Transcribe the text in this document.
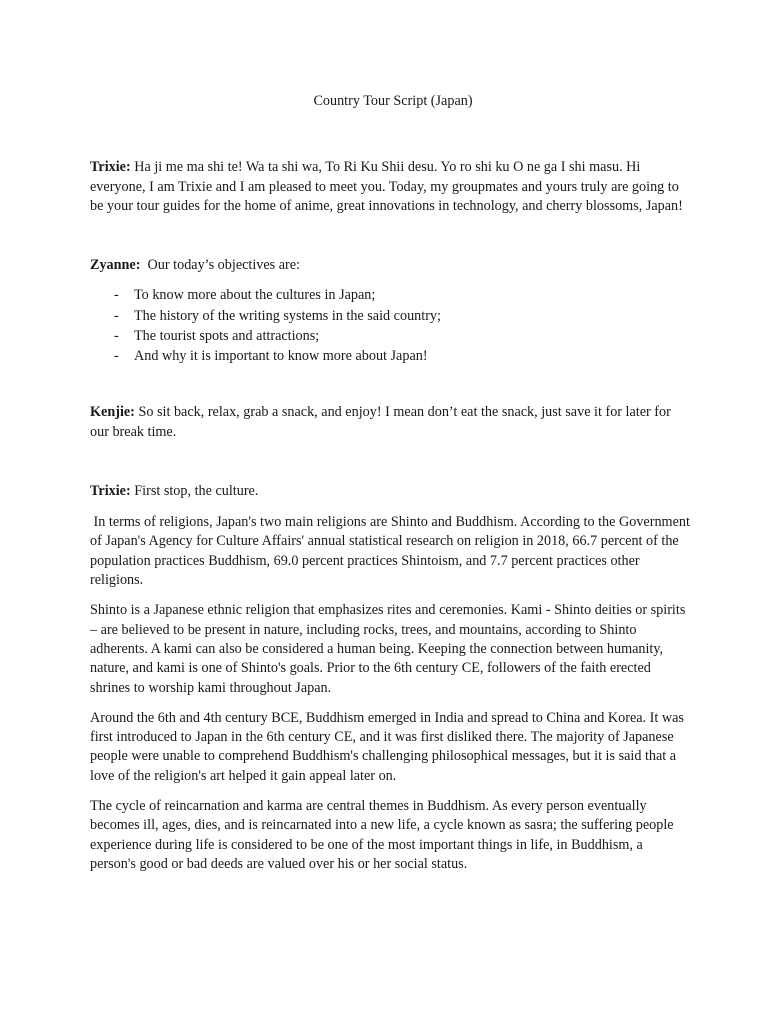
Country Tour Script (Japan)

Trixie: Ha ji me ma shi te! Wa ta shi wa, To Ri Ku Shii desu. Yo ro shi ku O ne ga I shi masu. Hi everyone, I am Trixie and I am pleased to meet you. Today, my groupmates and yours truly are going to be your tour guides for the home of anime, great innovations in technology, and cherry blossoms, Japan!

Zyanne:  Our today’s objectives are:

- To know more about the cultures in Japan;
- The history of the writing systems in the said country;
- The tourist spots and attractions;
- And why it is important to know more about Japan!

Kenjie: So sit back, relax, grab a snack, and enjoy! I mean don’t eat the snack, just save it for later for our break time.

Trixie: First stop, the culture.

In terms of religions, Japan's two main religions are Shinto and Buddhism. According to the Government of Japan's Agency for Culture Affairs' annual statistical research on religion in 2018, 66.7 percent of the population practices Buddhism, 69.0 percent practices Shintoism, and 7.7 percent practices other religions.

Shinto is a Japanese ethnic religion that emphasizes rites and ceremonies. Kami - Shinto deities or spirits – are believed to be present in nature, including rocks, trees, and mountains, according to Shinto adherents. A kami can also be considered a human being. Keeping the connection between humanity, nature, and kami is one of Shinto's goals. Prior to the 6th century CE, followers of the faith erected shrines to worship kami throughout Japan.

Around the 6th and 4th century BCE, Buddhism emerged in India and spread to China and Korea. It was first introduced to Japan in the 6th century CE, and it was first disliked there. The majority of Japanese people were unable to comprehend Buddhism's challenging philosophical messages, but it is said that a love of the religion's art helped it gain appeal later on.

The cycle of reincarnation and karma are central themes in Buddhism. As every person eventually becomes ill, ages, dies, and is reincarnated into a new life, a cycle known as sasra; the suffering people experience during life is considered to be one of the most important things in life, in Buddhism, a person's good or bad deeds are valued over his or her social status.
